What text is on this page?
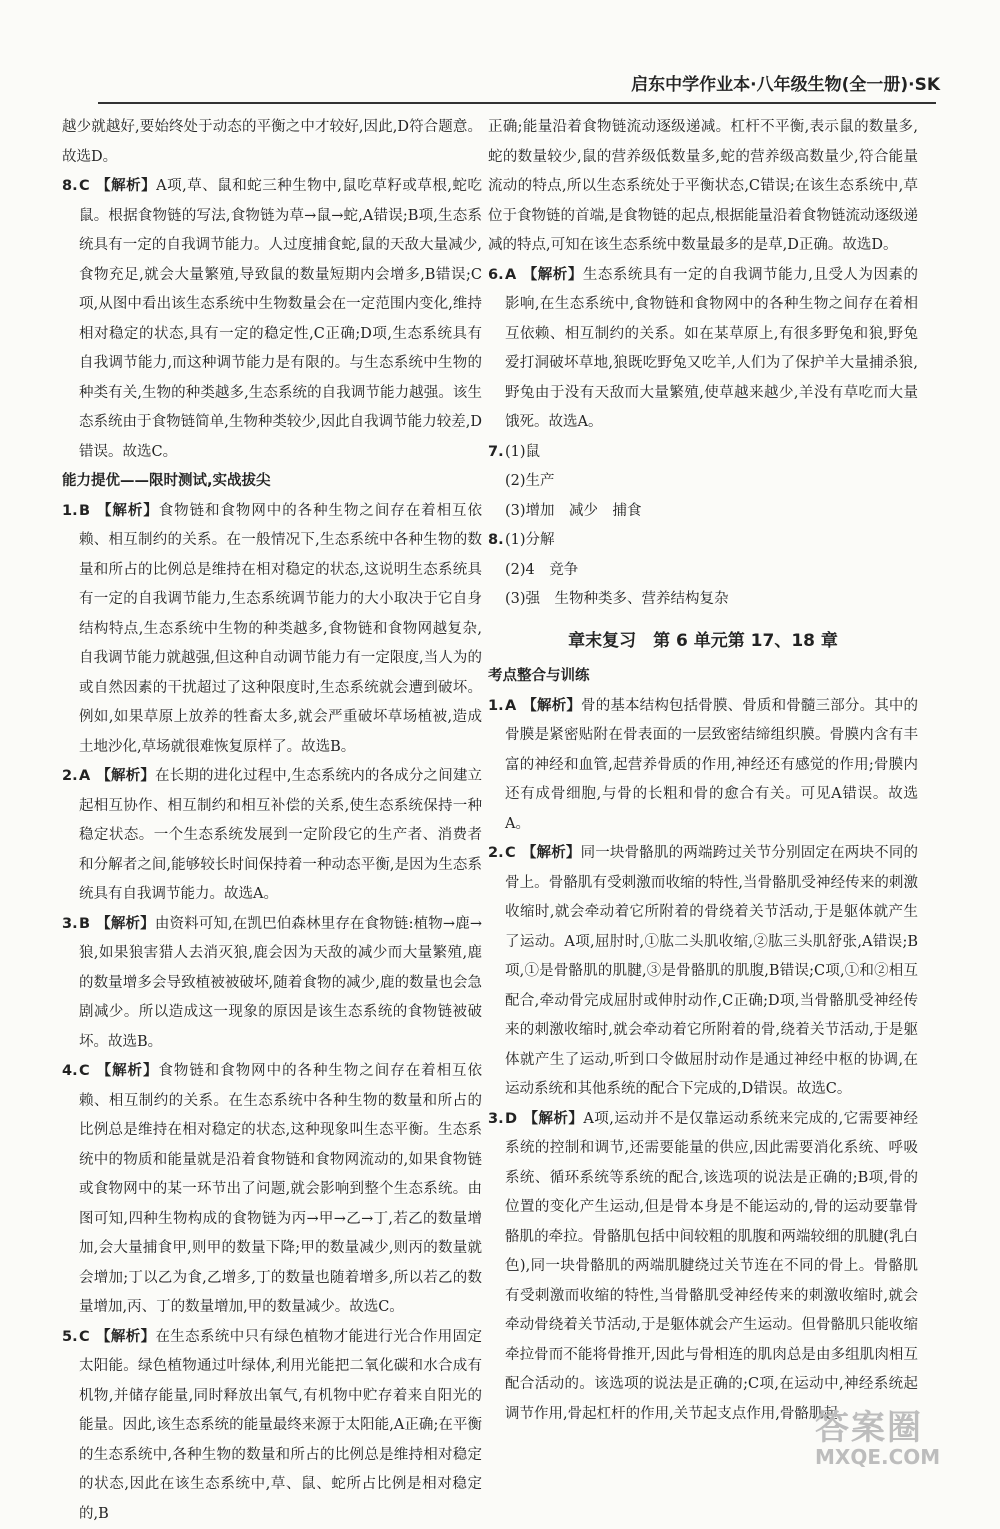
启东中学作业本·八年级生物(全一册)·SK
越少就越好,要始终处于动态的平衡之中才较好,因此,D符合题意。故选D。
8. C 【解析】A项,草、鼠和蛇三种生物中,鼠吃草籽或草根,蛇吃鼠。根据食物链的写法,食物链为草→鼠→蛇,A错误;B项,生态系统具有一定的自我调节能力。人过度捕食蛇,鼠的天敌大量减少,食物充足,就会大量繁殖,导致鼠的数量短期内会增多,B错误;C项,从图中看出该生态系统中生物数量会在一定范围内变化,维持相对稳定的状态,具有一定的稳定性,C正确;D项,生态系统具有自我调节能力,而这种调节能力是有限的。与生态系统中生物的种类有关,生物的种类越多,生态系统的自我调节能力越强。该生态系统由于食物链简单,生物种类较少,因此自我调节能力较差,D错误。故选C。
能力提优——限时测试,实战拔尖
1. B 【解析】食物链和食物网中的各种生物之间存在着相互依赖、相互制约的关系。在一般情况下,生态系统中各种生物的数量和所占的比例总是维持在相对稳定的状态,这说明生态系统具有一定的自我调节能力,生态系统调节能力的大小取决于它自身结构特点,生态系统中生物的种类越多,食物链和食物网越复杂,自我调节能力就越强,但这种自动调节能力有一定限度,当人为的或自然因素的干扰超过了这种限度时,生态系统就会遭到破坏。例如,如果草原上放养的牲畜太多,就会严重破坏草场植被,造成土地沙化,草场就很难恢复原样了。故选B。
2. A 【解析】在长期的进化过程中,生态系统内的各成分之间建立起相互协作、相互制约和相互补偿的关系,使生态系统保持一种稳定状态。一个生态系统发展到一定阶段它的生产者、消费者和分解者之间,能够较长时间保持着一种动态平衡,是因为生态系统具有自我调节能力。故选A。
3. B 【解析】由资料可知,在凯巴伯森林里存在食物链:植物→鹿→狼,如果狼害猎人去消灭狼,鹿会因为天敌的减少而大量繁殖,鹿的数量增多会导致植被被破坏,随着食物的减少,鹿的数量也会急剧减少。所以造成这一现象的原因是该生态系统的食物链被破坏。故选B。
4. C 【解析】食物链和食物网中的各种生物之间存在着相互依赖、相互制约的关系。在生态系统中各种生物的数量和所占的比例总是维持在相对稳定的状态,这种现象叫生态平衡。生态系统中的物质和能量就是沿着食物链和食物网流动的,如果食物链或食物网中的某一环节出了问题,就会影响到整个生态系统。由图可知,四种生物构成的食物链为丙→甲→乙→丁,若乙的数量增加,会大量捕食甲,则甲的数量下降;甲的数量减少,则丙的数量就会增加;丁以乙为食,乙增多,丁的数量也随着增多,所以若乙的数量增加,丙、丁的数量增加,甲的数量减少。故选C。
5. C 【解析】在生态系统中只有绿色植物才能进行光合作用固定太阳能。绿色植物通过叶绿体,利用光能把二氧化碳和水合成有机物,并储存能量,同时释放出氧气,有机物中贮存着来自阳光的能量。因此,该生态系统的能量最终来源于太阳能,A正确;在平衡的生态系统中,各种生物的数量和所占的比例总是维持相对稳定的状态,因此在该生态系统中,草、鼠、蛇所占比例是相对稳定的,B
正确;能量沿着食物链流动逐级递减。杠杆不平衡,表示鼠的数量多,蛇的数量较少,鼠的营养级低数量多,蛇的营养级高数量少,符合能量流动的特点,所以生态系统处于平衡状态,C错误;在该生态系统中,草位于食物链的首端,是食物链的起点,根据能量沿着食物链流动逐级递减的特点,可知在该生态系统中数量最多的是草,D正确。故选D。
6. A 【解析】生态系统具有一定的自我调节能力,且受人为因素的影响,在生态系统中,食物链和食物网中的各种生物之间存在着相互依赖、相互制约的关系。如在某草原上,有很多野兔和狼,野兔爱打洞破坏草地,狼既吃野兔又吃羊,人们为了保护羊大量捕杀狼,野兔由于没有天敌而大量繁殖,使草越来越少,羊没有草吃而大量饿死。故选A。
7. (1)鼠
(2)生产
(3)增加　减少　捕食
8. (1)分解
(2)4　竞争
(3)强　生物种类多、营养结构复杂
章末复习　第 6 单元第 17、18 章
考点整合与训练
1. A 【解析】骨的基本结构包括骨膜、骨质和骨髓三部分。其中的骨膜是紧密贴附在骨表面的一层致密结缔组织膜。骨膜内含有丰富的神经和血管,起营养骨质的作用,神经还有感觉的作用;骨膜内还有成骨细胞,与骨的长粗和骨的愈合有关。可见A错误。故选A。
2. C 【解析】同一块骨骼肌的两端跨过关节分别固定在两块不同的骨上。骨骼肌有受刺激而收缩的特性,当骨骼肌受神经传来的刺激收缩时,就会牵动着它所附着的骨绕着关节活动,于是躯体就产生了运动。A项,屈肘时,①肱二头肌收缩,②肱三头肌舒张,A错误;B项,①是骨骼肌的肌腱,③是骨骼肌的肌腹,B错误;C项,①和②相互配合,牵动骨完成屈肘或伸肘动作,C正确;D项,当骨骼肌受神经传来的刺激收缩时,就会牵动着它所附着的骨,绕着关节活动,于是躯体就产生了运动,听到口令做屈肘动作是通过神经中枢的协调,在运动系统和其他系统的配合下完成的,D错误。故选C。
3. D 【解析】A项,运动并不是仅靠运动系统来完成的,它需要神经系统的控制和调节,还需要能量的供应,因此需要消化系统、呼吸系统、循环系统等系统的配合,该选项的说法是正确的;B项,骨的位置的变化产生运动,但是骨本身是不能运动的,骨的运动要靠骨骼肌的牵拉。骨骼肌包括中间较粗的肌腹和两端较细的肌腱(乳白色),同一块骨骼肌的两端肌腱绕过关节连在不同的骨上。骨骼肌有受刺激而收缩的特性,当骨骼肌受神经传来的刺激收缩时,就会牵动骨绕着关节活动,于是躯体就会产生运动。但骨骼肌只能收缩牵拉骨而不能将骨推开,因此与骨相连的肌肉总是由多组肌肉相互配合活动的。该选项的说法是正确的;C项,在运动中,神经系统起调节作用,骨起杠杆的作用,关节起支点作用,骨骼肌起
答案圈
MXQE.COM
